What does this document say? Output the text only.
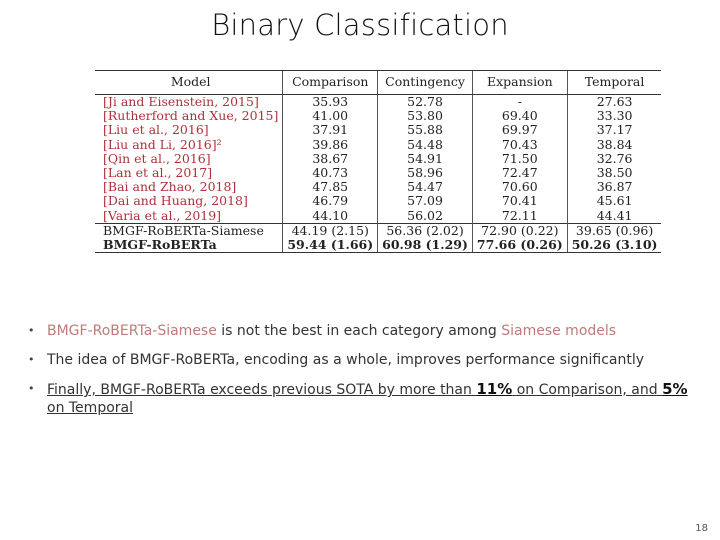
Binary Classification
Model	Comparison	Contingency	Expansion	Temporal
[Ji and Eisenstein, 2015]	35.93	52.78	-	27.63
[Rutherford and Xue, 2015]	41.00	53.80	69.40	33.30
[Liu et al., 2016]	37.91	55.88	69.97	37.17
[Liu and Li, 2016]²	39.86	54.48	70.43	38.84
[Qin et al., 2016]	38.67	54.91	71.50	32.76
[Lan et al., 2017]	40.73	58.96	72.47	38.50
[Bai and Zhao, 2018]	47.85	54.47	70.60	36.87
[Dai and Huang, 2018]	46.79	57.09	70.41	45.61
[Varia et al., 2019]	44.10	56.02	72.11	44.41
BMGF-RoBERTa-Siamese	44.19 (2.15)	56.36 (2.02)	72.90 (0.22)	39.65 (0.96)
BMGF-RoBERTa	59.44 (1.66)	60.98 (1.29)	77.66 (0.26)	50.26 (3.10)
• BMGF-RoBERTa-Siamese is not the best in each category among Siamese models
• The idea of BMGF-RoBERTa, encoding as a whole, improves performance significantly
• Finally, BMGF-RoBERTa exceeds previous SOTA by more than 11% on Comparison, and 5% on Temporal
18
